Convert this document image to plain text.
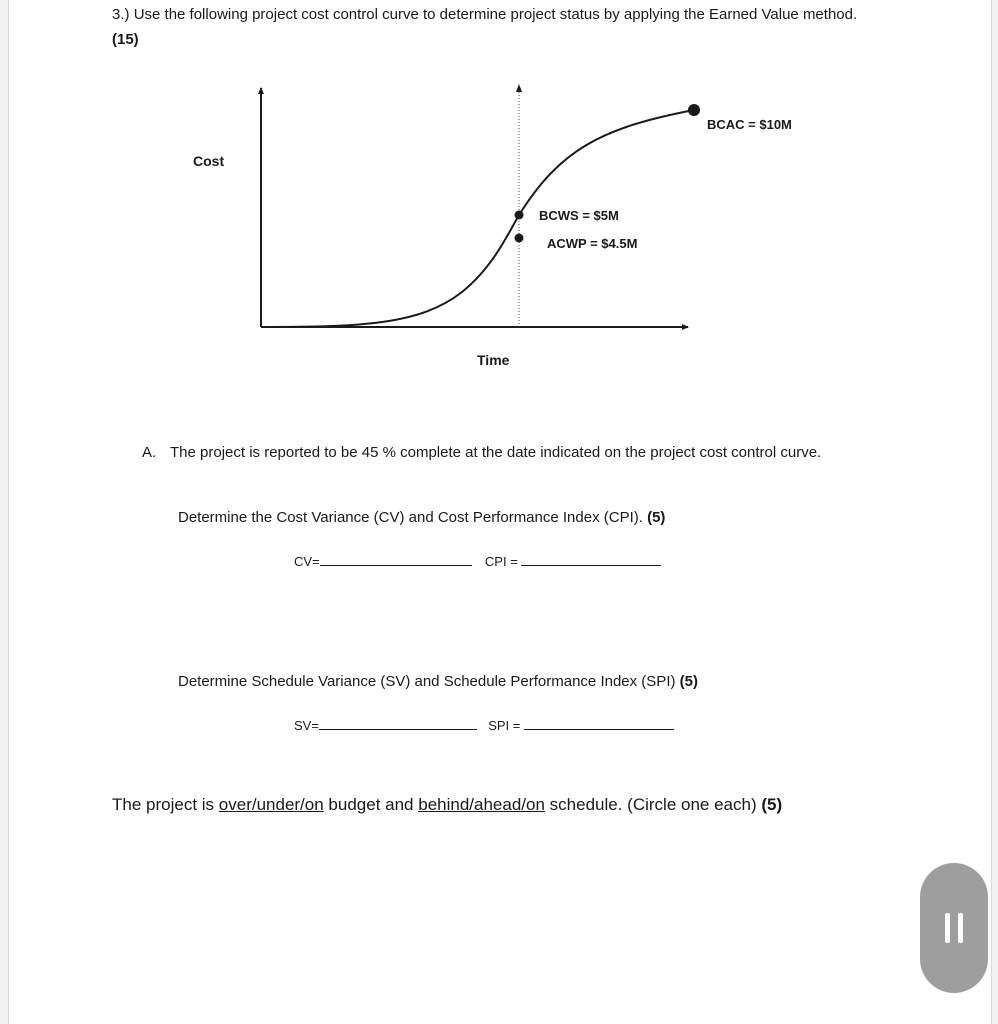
3.) Use the following project cost control curve to determine project status by applying the Earned Value method. (15)
Cost
Time
BCWS = $5M
ACWP = $4.5M
BCAC = $10M
A. The project is reported to be 45 % complete at the date indicated on the project cost control curve.
Determine the Cost Variance (CV) and Cost Performance Index (CPI). (5)
CV=	CPI =
Determine Schedule Variance (SV) and Schedule Performance Index (SPI) (5)
SV=	SPI =
The project is over/under/on budget and behind/ahead/on schedule. (Circle one each) (5)
